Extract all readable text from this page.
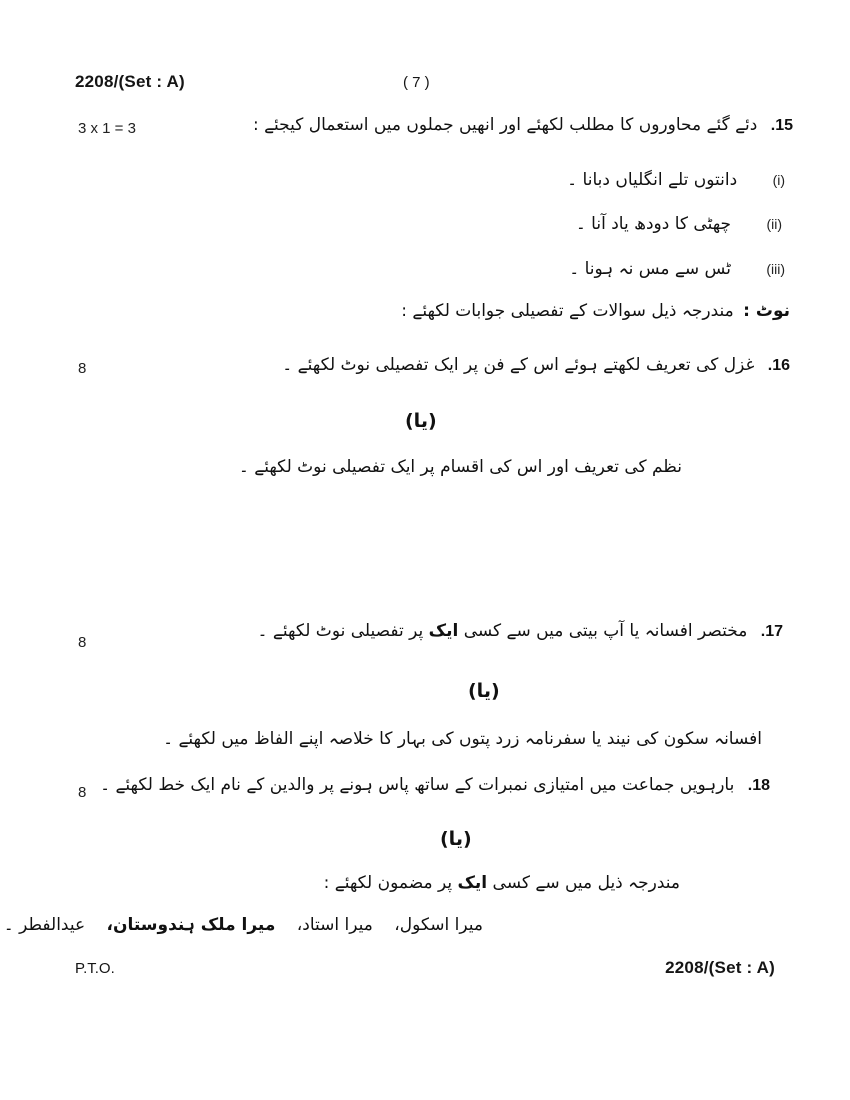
2208/(Set : A)	( 7 )
3 x 1 = 3	15. دئے گئے محاوروں کا مطلب لکھئے اور انھیں جملوں میں استعمال کیجئے :
(i) دانتوں تلے انگلیاں دبانا ۔
(ii) چھٹی کا دودھ یاد آنا ۔
(iii) ٹس سے مس نہ ہونا ۔
نوٹ : مندرجہ ذیل سوالات کے تفصیلی جوابات لکھئے :
8	16. غزل کی تعریف لکھتے ہوئے اس کے فن پر ایک تفصیلی نوٹ لکھئے ۔
(یا)
نظم کی تعریف اور اس کی اقسام پر ایک تفصیلی نوٹ لکھئے ۔
8
17. مختصر افسانہ یا آپ بیتی میں سے کسی ایک پر تفصیلی نوٹ لکھئے ۔
(یا)
افسانہ سکون کی نیند یا سفرنامہ زرد پتوں کی بہار کا خلاصہ اپنے الفاظ میں لکھئے ۔
8	18. بارہویں جماعت میں امتیازی نمبرات کے ساتھ پاس ہونے پر والدین کے نام ایک خط لکھئے ۔
(یا)
مندرجہ ذیل میں سے کسی ایک پر مضمون لکھئے :
میرا اسکول، میرا استاد، میرا ملک ہندوستان، عیدالفطر ۔
P.T.O.	2208/(Set : A)
